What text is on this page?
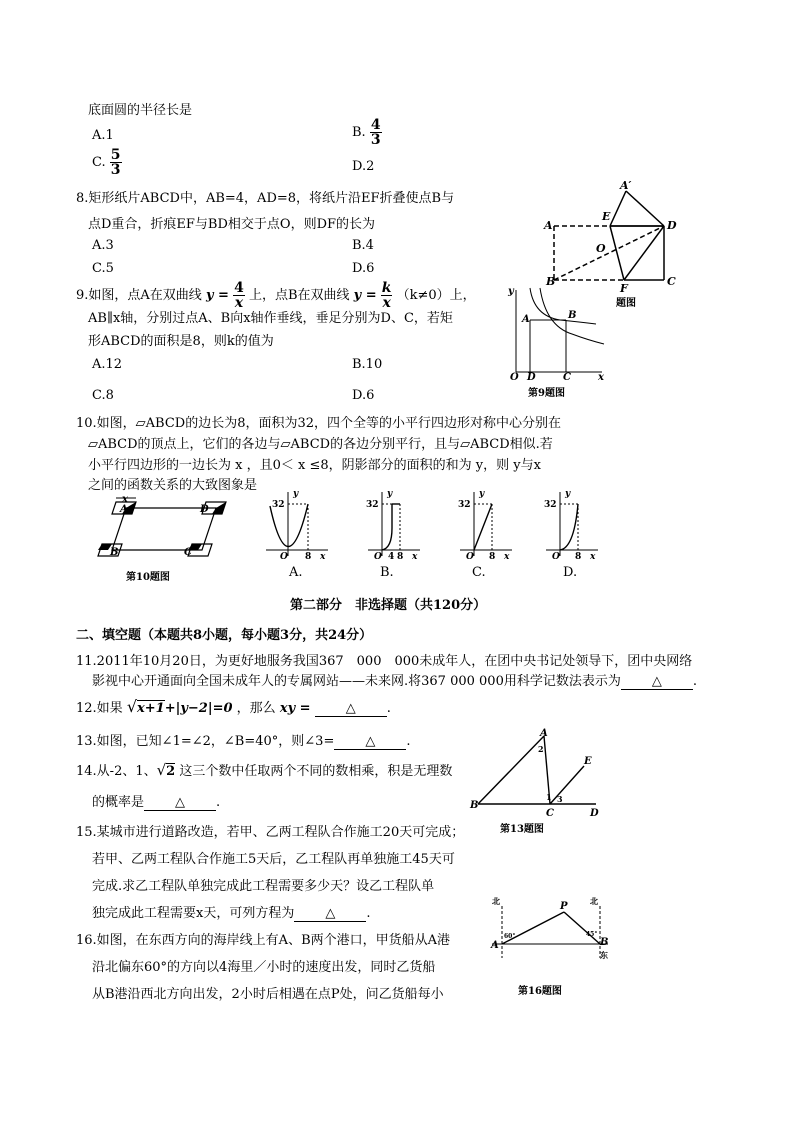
底面圆的半径长是
A.1	B. $\frac{4}{3}$
C. $\frac{5}{3}$	D.2
8.矩形纸片ABCD中，AB=4，AD=8，将纸片沿EF折叠使点B与
点D重合，折痕EF与BD相交于点O，则DF的长为
A.3	B.4
C.5	D.6
A′
A
E
D
O
B
F
C
题图
9.如图，点A在双曲线 $y = \frac{4}{x}$ 上，点B在双曲线 $y = \frac{k}{x} (k\ne 0)$上，
AB∥x轴，分别过点A、B向x轴作垂线，垂足分别为D、C，若矩
形ABCD的面积是8，则k的值为
A.12	B.10
C.8	D.6
y
A	B
O D	C	x
第9题图
10.如图，▱ABCD的边长为8，面积为32，四个全等的小平行四边形对称中心分别在
▱ABCD的顶点上，它们的各边与▱ABCD的各边分别平行，且与▱ABCD相似.若
小平行四边形的一边长为 x ，且0＜ x ≤8，阴影部分的面积的和为 y，则 y与x
之间的函数关系的大致图象是
x
A	D
B	C
第10题图
y
32
O 8 x
A.
y
32
O 4 8 x
B.
y
32
O 8 x
C.
y
32
O 8 x
D.
第二部分　非选择题（共120分）
二、填空题（本题共8小题，每小题3分，共24分）
11.2011年10月20日，为更好地服务我国367　000　000未成年人，在团中央书记处领导下，团中央网络
影视中心开通面向全国未成年人的专属网站——未来网.将367 000 000用科学记数法表示为 △ .
12.如果 √x+1+|y−2|=0 ，那么 xy =	△ .
13.如图，已知∠1=∠2，∠B=40°，则∠3= △ .
14.从-2、1、√2 这三个数中任取两个不同的数相乘，积是无理数
的概率是 △ .
A
E
B
C	D
1
2
3
第13题图
15.某城市进行道路改造，若甲、乙两工程队合作施工20天可完成；
若甲、乙两工程队合作施工5天后，乙工程队再单独施工45天可
完成.求乙工程队单独完成此工程需要多少天？设乙工程队单
独完成此工程需要x天，可列方程为 △ .
16.如图，在东西方向的海岸线上有A、B两个港口，甲货船从A港
沿北偏东60°的方向以4海里／小时的速度出发，同时乙货船
从B港沿西北方向出发，2小时后相遇在点P处，问乙货船每小
北	北
东
60°	45°
P
A	B
第16题图
